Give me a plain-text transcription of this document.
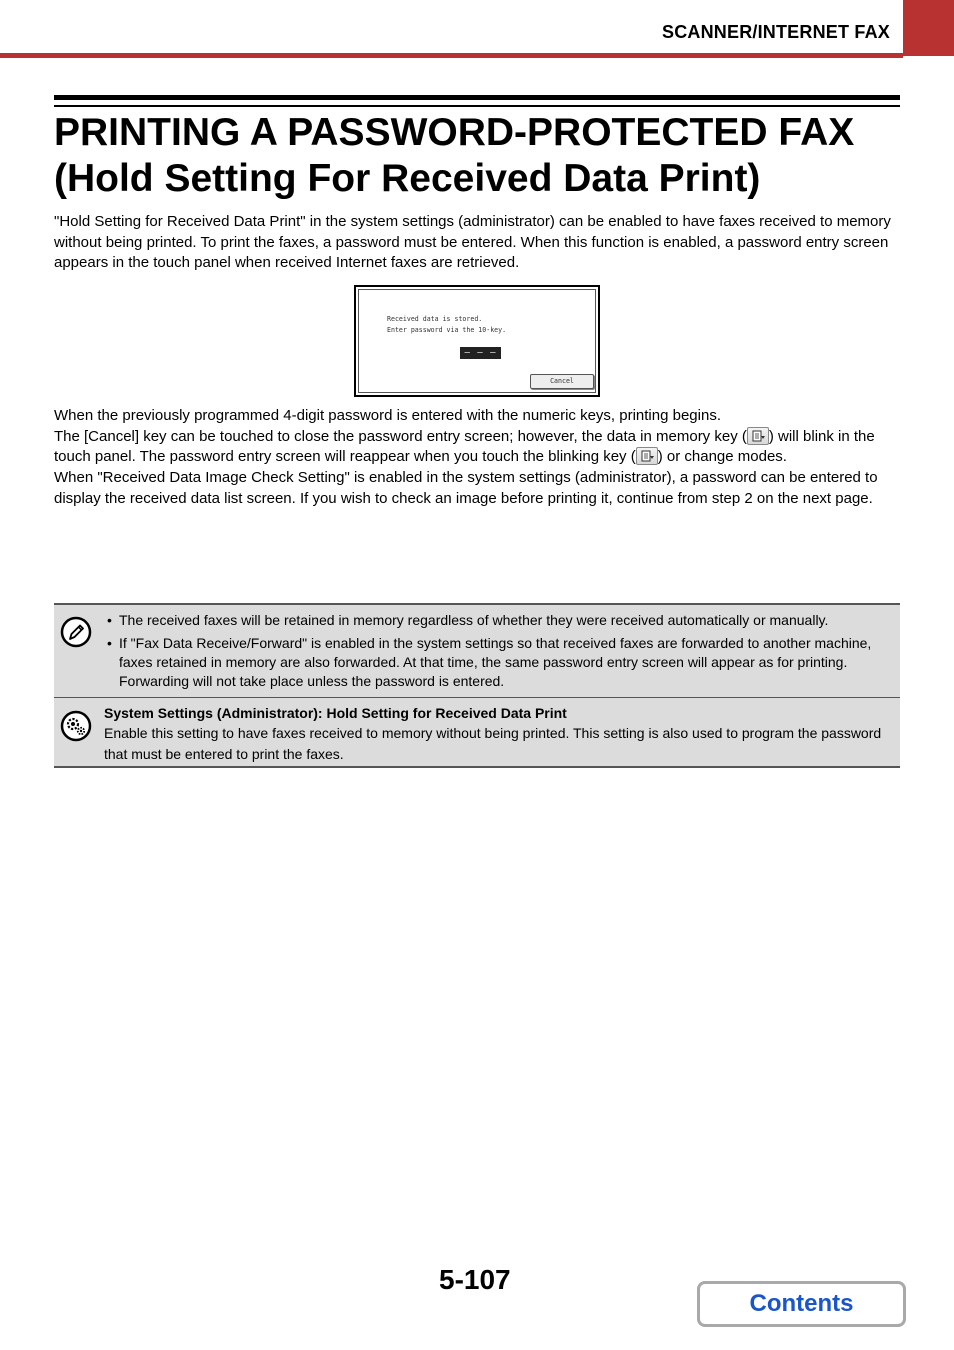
SCANNER/INTERNET FAX
PRINTING A PASSWORD-PROTECTED FAX
(Hold Setting For Received Data Print)

"Hold Setting for Received Data Print" in the system settings (administrator) can be enabled to have faxes received to memory without being printed. To print the faxes, a password must be entered. When this function is enabled, a password entry screen appears in the touch panel when received Internet faxes are retrieved.

Received data is stored.
Enter password via the 10-key.
– – – –
Cancel

When the previously programmed 4-digit password is entered with the numeric keys, printing begins.
The [Cancel] key can be touched to close the password entry screen; however, the data in memory key ( ) will blink in the touch panel. The password entry screen will reappear when you touch the blinking key ( ) or change modes.
When "Received Data Image Check Setting" is enabled in the system settings (administrator), a password can be entered to display the received data list screen. If you wish to check an image before printing it, continue from step 2 on the next page.

• The received faxes will be retained in memory regardless of whether they were received automatically or manually.
• If "Fax Data Receive/Forward" is enabled in the system settings so that received faxes are forwarded to another machine, faxes retained in memory are also forwarded. At that time, the same password entry screen will appear as for printing. Forwarding will not take place unless the password is entered.

System Settings (Administrator): Hold Setting for Received Data Print

Enable this setting to have faxes received to memory without being printed. This setting is also used to program the password that must be entered to print the faxes.

5-107
Contents
